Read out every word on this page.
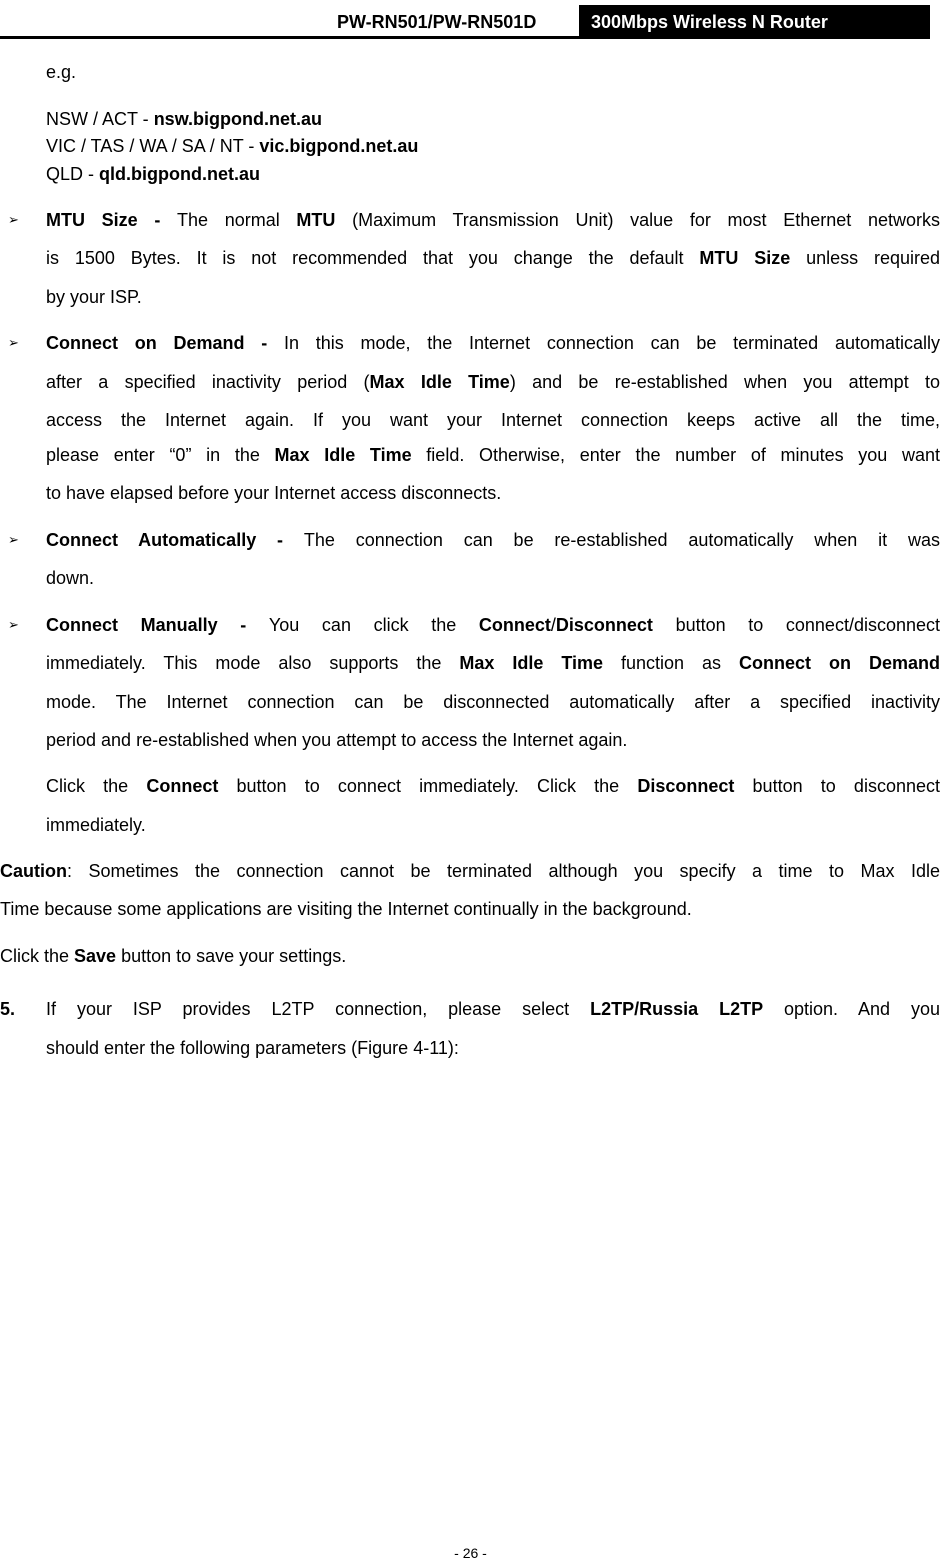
PW-RN501/PW-RN501D	300Mbps Wireless N Router
e.g.
NSW / ACT - nsw.bigpond.net.au
VIC / TAS / WA / SA / NT - vic.bigpond.net.au
QLD - qld.bigpond.net.au
➢ MTU Size - The normal MTU (Maximum Transmission Unit) value for most Ethernet networks
is 1500 Bytes. It is not recommended that you change the default MTU Size unless required
by your ISP.
➢ Connect on Demand - In this mode, the Internet connection can be terminated automatically
after a specified inactivity period (Max Idle Time) and be re-established when you attempt to
access the Internet again. If you want your Internet connection keeps active all the time,
please enter “0” in the Max Idle Time field. Otherwise, enter the number of minutes you want
to have elapsed before your Internet access disconnects.
➢ Connect Automatically - The connection can be re-established automatically when it was
down.
➢ Connect Manually - You can click the Connect/Disconnect button to connect/disconnect
immediately. This mode also supports the Max Idle Time function as Connect on Demand
mode. The Internet connection can be disconnected automatically after a specified inactivity
period and re-established when you attempt to access the Internet again.
Click the Connect button to connect immediately. Click the Disconnect button to disconnect
immediately.
Caution: Sometimes the connection cannot be terminated although you specify a time to Max Idle
Time because some applications are visiting the Internet continually in the background.
Click the Save button to save your settings.
5. If your ISP provides L2TP connection, please select L2TP/Russia L2TP option. And you
should enter the following parameters (Figure 4-11):
- 26 -
